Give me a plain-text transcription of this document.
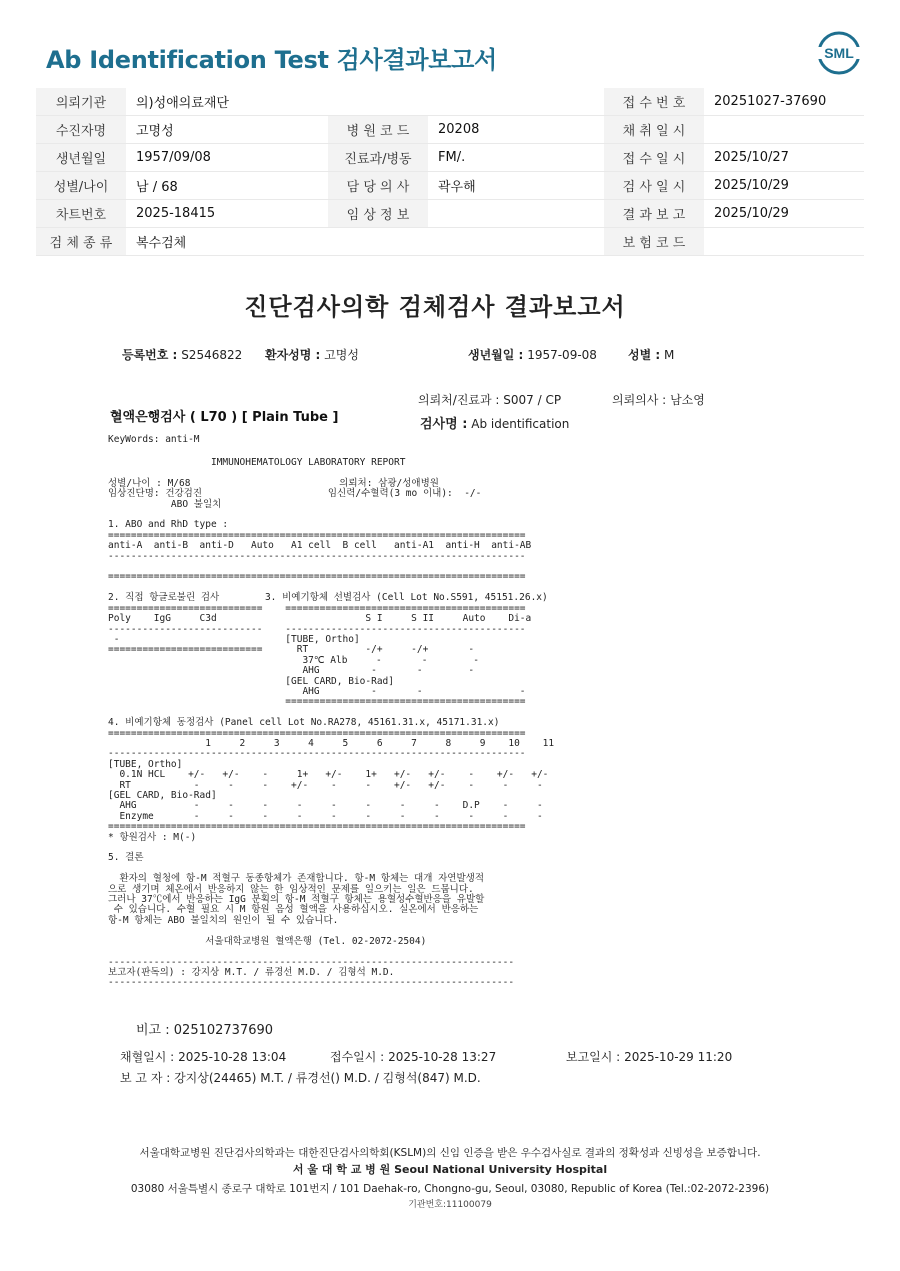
Ab Identification Test 검사결과보고서	SML
의뢰기관	의)성애의료재단			접 수 번 호	20251027-37690
수진자명	고명성	병 원 코 드	20208	채 취 일 시	
생년월일	1957/09/08	진료과/병동	FM/.	접 수 일 시	2025/10/27
성별/나이	남 / 68	담 당 의 사	곽우해	검 사 일 시	2025/10/29
차트번호	2025-18415	임 상 정 보		결 과 보 고	2025/10/29
검 체 종 류	복수검체			보 험 코 드	
진단검사의학 검체검사 결과보고서
등록번호 : S2546822 환자성명 : 고명성	생년월일 : 1957-09-08	성별 : M
의뢰처/진료과 : S007 / CP	의뢰의사 : 남소영
혈액은행검사 ( L70 ) [ Plain Tube ]	검사명 : Ab identification
KeyWords: anti-M
IMMUNOHEMATOLOGY LABORATORY REPORT

성별/나이 : M/68                          의뢰처: 삼광/성애병원
임상진단명: 건강검진                      임신력/수혈력(3 mo 이내):  -/-
ABO 불일치

1. ABO and RhD type :
=========================================================================
anti-A  anti-B  anti-D   Auto   A1 cell  B cell   anti-A1  anti-H  anti-AB
-------------------------------------------------------------------------

=========================================================================

2. 직접 항글로불린 검사        3. 비예기항체 선별검사 (Cell Lot No.S591, 45151.26.x)
===========================    ==========================================
Poly    IgG     C3d                          S I     S II     Auto    Di-a
---------------------------    ------------------------------------------
-                             [TUBE, Ortho]
===========================      RT          -/+     -/+       -
37℃ Alb     -       -        -
AHG         -       -        -
[GEL CARD, Bio-Rad]
AHG         -       -                 -
==========================================

4. 비예기항체 동정검사 (Panel cell Lot No.RA278, 45161.31.x, 45171.31.x)
=========================================================================
1     2     3     4     5     6     7     8     9    10    11
-------------------------------------------------------------------------
[TUBE, Ortho]
0.1N HCL    +/-   +/-    -     1+   +/-    1+   +/-   +/-    -    +/-   +/-
RT           -     -     -    +/-    -     -    +/-   +/-    -     -     -
[GEL CARD, Bio-Rad]
AHG          -     -     -     -     -     -     -     -    D.P    -     -
Enzyme       -     -     -     -     -     -     -     -     -     -     -
=========================================================================
* 항원검사 : M(-)

5. 결론

환자의 혈청에 항-M 적혈구 동종항체가 존재합니다. 항-M 항체는 대개 자연발생적
으로 생기며 체온에서 반응하지 않는 한 임상적인 문제를 일으키는 일은 드뭅니다.
그러나 37℃에서 반응하는 IgG 분획의 항-M 적혈구 항체는 용혈성수혈반응을 유발할
수 있습니다. 수혈 필요 시 M 항원 음성 혈액을 사용하십시오. 실온에서 반응하는
항-M 항체는 ABO 불일치의 원인이 될 수 있습니다.

서울대학교병원 혈액은행 (Tel. 02-2072-2504)

-----------------------------------------------------------------------
보고자(판독의) : 강지상 M.T. / 류경선 M.D. / 김형석 M.D.
-----------------------------------------------------------------------
비고 : 025102737690
채혈일시 : 2025-10-28 13:04	접수일시 : 2025-10-28 13:27	보고일시 : 2025-10-29 11:20
보 고 자 : 강지상(24465) M.T. / 류경선() M.D. / 김형석(847) M.D.
서울대학교병원 진단검사의학과는 대한진단검사의학회(KSLM)의 신임 인증을 받은 우수검사실로 결과의 정확성과 신빙성을 보증합니다.
서 울 대 학 교 병 원 Seoul National University Hospital
03080 서울특별시 종로구 대학로 101번지 / 101 Daehak-ro, Chongno-gu, Seoul, 03080, Republic of Korea (Tel.:02-2072-2396)
기관번호:11100079
